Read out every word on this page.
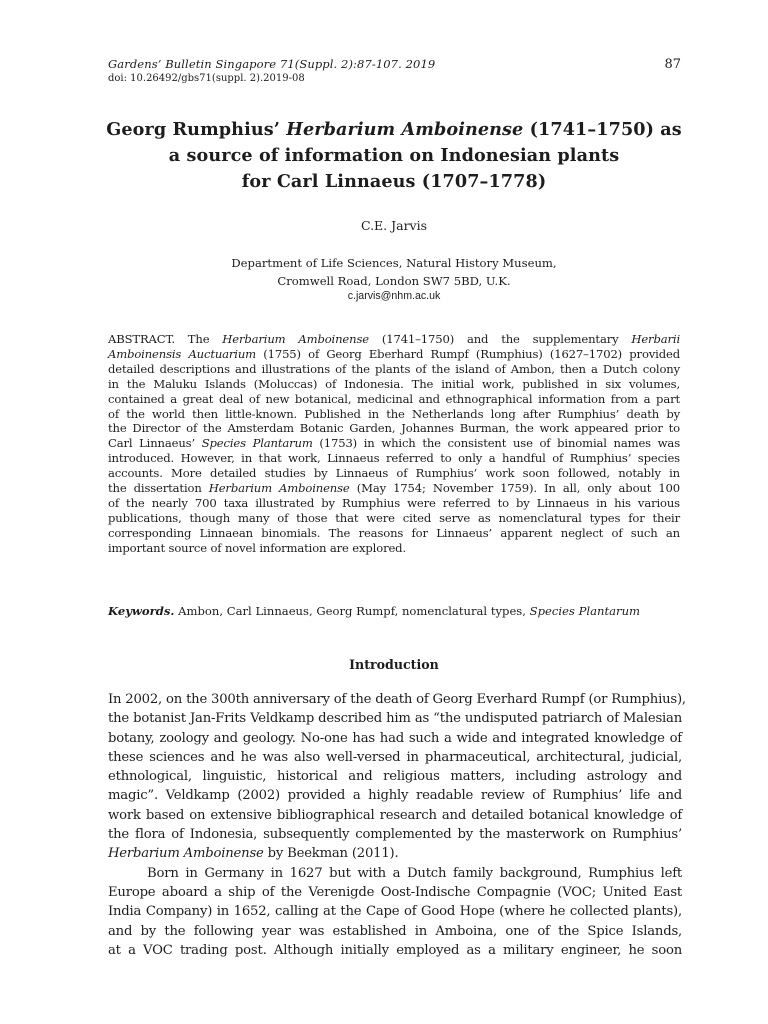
Gardens’ Bulletin Singapore 71(Suppl. 2):87-107. 2019
doi: 10.26492/gbs71(suppl. 2).2019-08
87
Georg Rumphius’ Herbarium Amboinense (1741–1750) as
a source of information on Indonesian plants
for Carl Linnaeus (1707–1778)
C.E. Jarvis
Department of Life Sciences, Natural History Museum,
Cromwell Road, London SW7 5BD, U.K.
c.jarvis@nhm.ac.uk
ABSTRACT. The Herbarium Amboinense (1741–1750) and the supplementary Herbarii
Amboinensis Auctuarium (1755) of Georg Eberhard Rumpf (Rumphius) (1627–1702) provided
detailed descriptions and illustrations of the plants of the island of Ambon, then a Dutch colony
in the Maluku Islands (Moluccas) of Indonesia. The initial work, published in six volumes,
contained a great deal of new botanical, medicinal and ethnographical information from a part
of the world then little-known. Published in the Netherlands long after Rumphius’ death by
the Director of the Amsterdam Botanic Garden, Johannes Burman, the work appeared prior to
Carl Linnaeus’ Species Plantarum (1753) in which the consistent use of binomial names was
introduced. However, in that work, Linnaeus referred to only a handful of Rumphius’ species
accounts. More detailed studies by Linnaeus of Rumphius’ work soon followed, notably in
the dissertation Herbarium Amboinense (May 1754; November 1759). In all, only about 100
of the nearly 700 taxa illustrated by Rumphius were referred to by Linnaeus in his various
publications, though many of those that were cited serve as nomenclatural types for their
corresponding Linnaean binomials. The reasons for Linnaeus’ apparent neglect of such an
important source of novel information are explored.
Keywords. Ambon, Carl Linnaeus, Georg Rumpf, nomenclatural types, Species Plantarum
Introduction
In 2002, on the 300th anniversary of the death of Georg Everhard Rumpf (or Rumphius),
the botanist Jan-Frits Veldkamp described him as “the undisputed patriarch of Malesian
botany, zoology and geology. No-one has had such a wide and integrated knowledge of
these sciences and he was also well-versed in pharmaceutical, architectural, judicial,
ethnological, linguistic, historical and religious matters, including astrology and
magic”. Veldkamp (2002) provided a highly readable review of Rumphius’ life and
work based on extensive bibliographical research and detailed botanical knowledge of
the flora of Indonesia, subsequently complemented by the masterwork on Rumphius’
Herbarium Amboinense by Beekman (2011).
Born in Germany in 1627 but with a Dutch family background, Rumphius left
Europe aboard a ship of the Verenigde Oost-Indische Compagnie (VOC; United East
India Company) in 1652, calling at the Cape of Good Hope (where he collected plants),
and by the following year was established in Amboina, one of the Spice Islands,
at a VOC trading post. Although initially employed as a military engineer, he soon
